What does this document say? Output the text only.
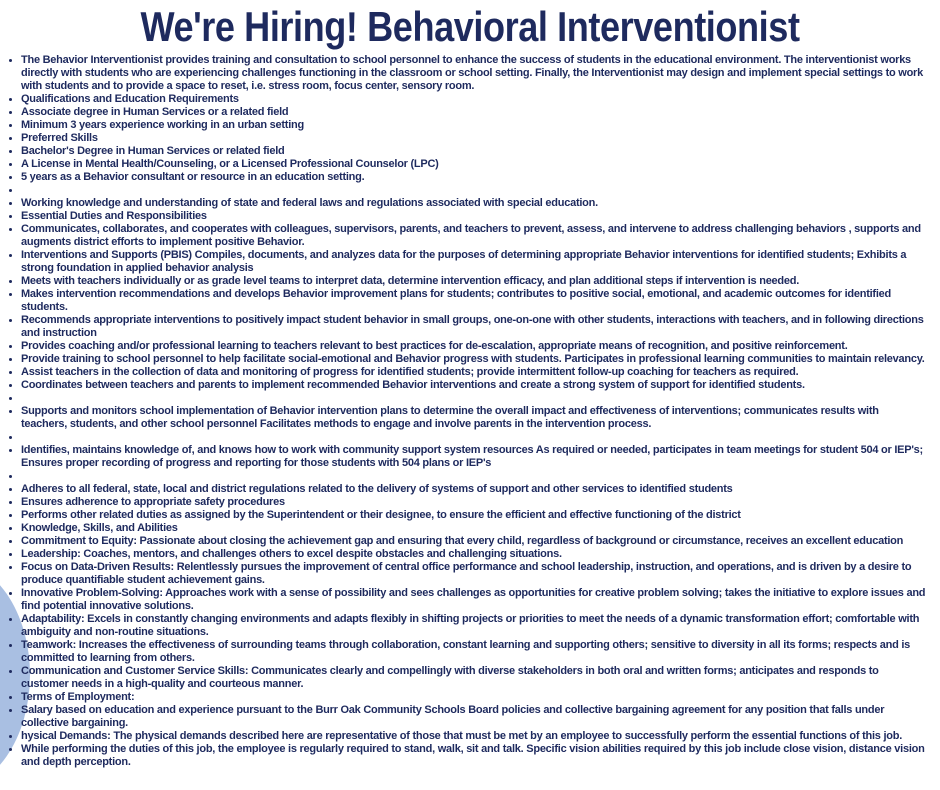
We're Hiring! Behavioral Interventionist
• The Behavior Interventionist provides training and consultation to school personnel to enhance the success of students in the educational environment. The interventionist works directly with students who are experiencing challenges functioning in the classroom or school setting. Finally, the Interventionist may design and implement special settings to work with students and to provide a space to reset, i.e. stress room, focus center, sensory room.
• Qualifications and Education Requirements
• Associate degree in Human Services or a related field
• Minimum 3 years experience working in an urban setting
• Preferred Skills
• Bachelor's Degree in Human Services or related field
• A License in Mental Health/Counseling, or a Licensed Professional Counselor (LPC)
• 5 years as a Behavior consultant or resource in an education setting.
•
• Working knowledge and understanding of state and federal laws and regulations associated with special education.
• Essential Duties and Responsibilities
• Communicates, collaborates, and cooperates with colleagues, supervisors, parents, and teachers to prevent, assess, and intervene to address challenging behaviors , supports and augments district efforts to implement positive Behavior.
• Interventions and Supports (PBIS) Compiles, documents, and analyzes data for the purposes of determining appropriate Behavior interventions for identified students; Exhibits a strong foundation in applied behavior analysis
• Meets with teachers individually or as grade level teams to interpret data, determine intervention efficacy, and plan additional steps if intervention is needed.
• Makes intervention recommendations and develops Behavior improvement plans for students; contributes to positive social, emotional, and academic outcomes for identified students.
• Recommends appropriate interventions to positively impact student behavior in small groups, one-on-one with other students, interactions with teachers, and in following directions and instruction
• Provides coaching and/or professional learning to teachers relevant to best practices for de-escalation, appropriate means of recognition, and positive reinforcement.
• Provide training to school personnel to help facilitate social-emotional and Behavior progress with students. Participates in professional learning communities to maintain relevancy.
• Assist teachers in the collection of data and monitoring of progress for identified students; provide intermittent follow-up coaching for teachers as required.
• Coordinates between teachers and parents to implement recommended Behavior interventions and create a strong system of support for identified students.
•
• Supports and monitors school implementation of Behavior intervention plans to determine the overall impact and effectiveness of interventions; communicates results with teachers, students, and other school personnel Facilitates methods to engage and involve parents in the intervention process.
•
• Identifies, maintains knowledge of, and knows how to work with community support system resources As required or needed, participates in team meetings for student 504 or IEP's; Ensures proper recording of progress and reporting for those students with 504 plans or IEP's
•
• Adheres to all federal, state, local and district regulations related to the delivery of systems of support and other services to identified students
• Ensures adherence to appropriate safety procedures
• Performs other related duties as assigned by the Superintendent or their designee, to ensure the efficient and effective functioning of the district
• Knowledge, Skills, and Abilities
• Commitment to Equity: Passionate about closing the achievement gap and ensuring that every child, regardless of background or circumstance, receives an excellent education
• Leadership: Coaches, mentors, and challenges others to excel despite obstacles and challenging situations.
• Focus on Data-Driven Results: Relentlessly pursues the improvement of central office performance and school leadership, instruction, and operations, and is driven by a desire to produce quantifiable student achievement gains.
• Innovative Problem-Solving: Approaches work with a sense of possibility and sees challenges as opportunities for creative problem solving; takes the initiative to explore issues and find potential innovative solutions.
• Adaptability: Excels in constantly changing environments and adapts flexibly in shifting projects or priorities to meet the needs of a dynamic transformation effort; comfortable with ambiguity and non-routine situations.
• Teamwork: Increases the effectiveness of surrounding teams through collaboration, constant learning and supporting others; sensitive to diversity in all its forms; respects and is committed to learning from others.
• Communication and Customer Service Skills: Communicates clearly and compellingly with diverse stakeholders in both oral and written forms; anticipates and responds to customer needs in a high-quality and courteous manner.
• Terms of Employment:
• Salary based on education and experience pursuant to the Burr Oak Community Schools Board policies and collective bargaining agreement for any position that falls under collective bargaining.
• hysical Demands: The physical demands described here are representative of those that must be met by an employee to successfully perform the essential functions of this job.
• While performing the duties of this job, the employee is regularly required to stand, walk, sit and talk. Specific vision abilities required by this job include close vision, distance vision and depth perception.
